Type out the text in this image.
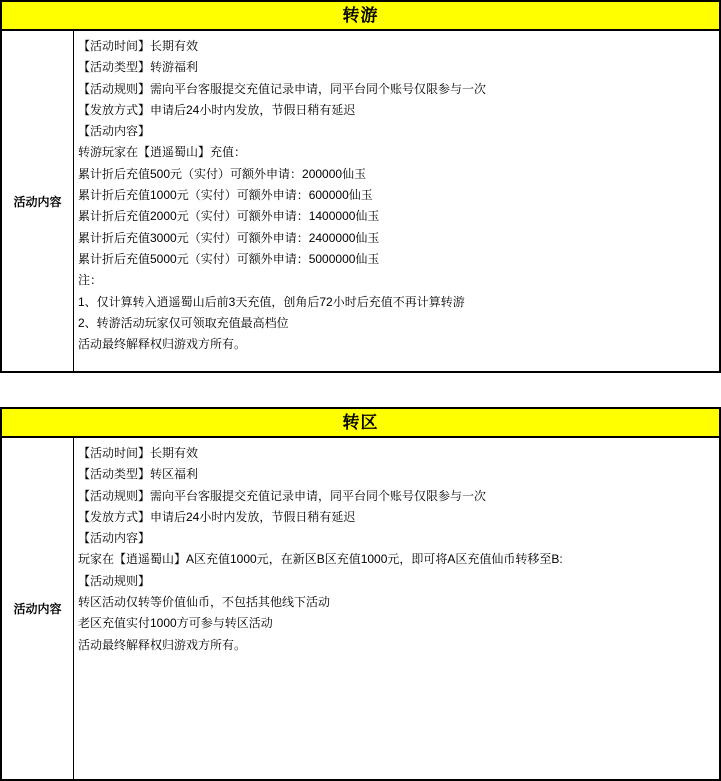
转游
活动内容
【活动时间】长期有效
【活动类型】转游福利
【活动规则】需向平台客服提交充值记录申请，同平台同个账号仅限参与一次
【发放方式】申请后24小时内发放，节假日稍有延迟
【活动内容】
转游玩家在【逍遥蜀山】充值：
累计折后充值500元（实付）可额外申请：200000仙玉
累计折后充值1000元（实付）可额外申请：600000仙玉
累计折后充值2000元（实付）可额外申请：1400000仙玉
累计折后充值3000元（实付）可额外申请：2400000仙玉
累计折后充值5000元（实付）可额外申请：5000000仙玉
注：
1、仅计算转入逍遥蜀山后前3天充值，创角后72小时后充值不再计算转游
2、转游活动玩家仅可领取充值最高档位
活动最终解释权归游戏方所有。
转区
活动内容
【活动时间】长期有效
【活动类型】转区福利
【活动规则】需向平台客服提交充值记录申请，同平台同个账号仅限参与一次
【发放方式】申请后24小时内发放，节假日稍有延迟
【活动内容】
玩家在【逍遥蜀山】A区充值1000元，在新区B区充值1000元，即可将A区充值仙币转移至B:
【活动规则】
转区活动仅转等价值仙币，不包括其他线下活动
老区充值实付1000方可参与转区活动
活动最终解释权归游戏方所有。
